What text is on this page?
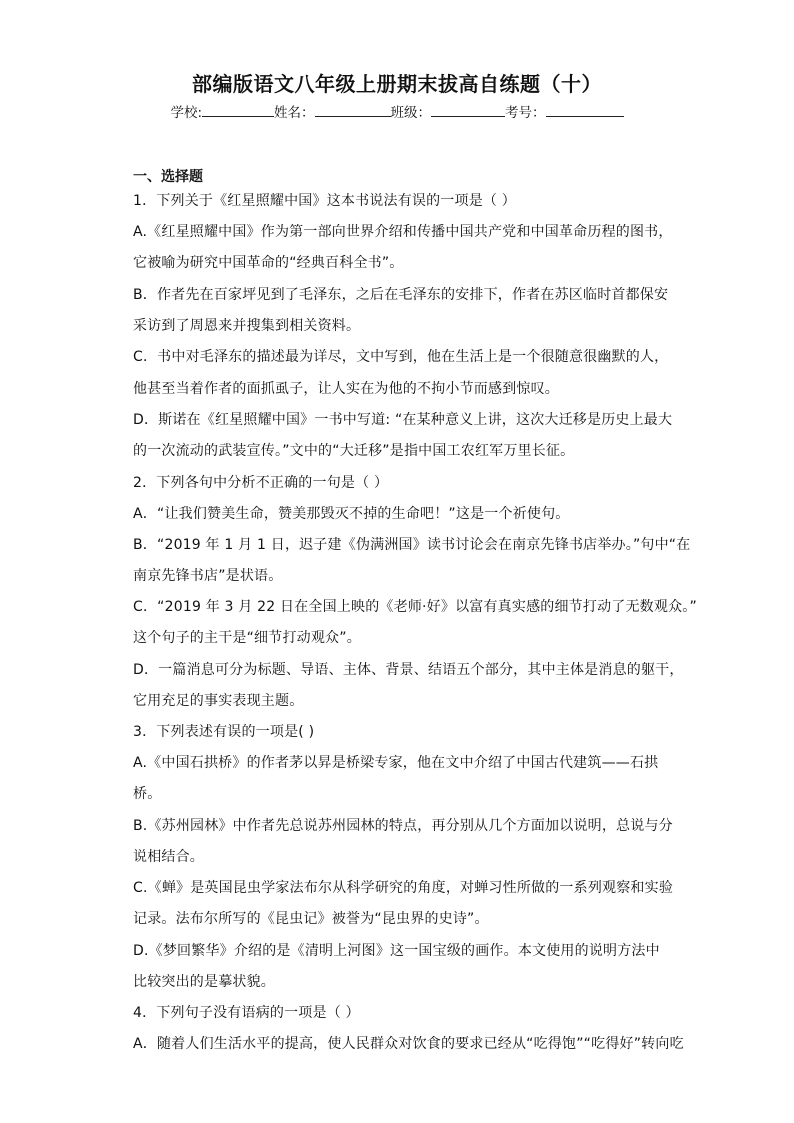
部编版语文八年级上册期末拔高自练题（十）
学校:	姓名：	班级：	考号：
一、选择题
1．下列关于《红星照耀中国》这本书说法有误的一项是（ ）
A.《红星照耀中国》作为第一部向世界介绍和传播中国共产党和中国革命历程的图书，
它被喻为研究中国革命的“经典百科全书”。
B．作者先在百家坪见到了毛泽东，之后在毛泽东的安排下，作者在苏区临时首都保安
采访到了周恩来并搜集到相关资料。
C．书中对毛泽东的描述最为详尽，文中写到，他在生活上是一个很随意很幽默的人，
他甚至当着作者的面抓虱子，让人实在为他的不拘小节而感到惊叹。
D．斯诺在《红星照耀中国》一书中写道: “在某种意义上讲，这次大迁移是历史上最大
的一次流动的武装宣传。”文中的“大迁移”是指中国工农红军万里长征。
2．下列各句中分析不正确的一句是（ ）
A．“让我们赞美生命，赞美那毁灭不掉的生命吧！”这是一个祈使句。
B．“2019 年 1 月 1 日，迟子建《伪满洲国》读书讨论会在南京先锋书店举办。”句中“在
南京先锋书店”是状语。
C．“2019 年 3 月 22 日在全国上映的《老师·好》以富有真实感的细节打动了无数观众。”
这个句子的主干是“细节打动观众”。
D．一篇消息可分为标题、导语、主体、背景、结语五个部分，其中主体是消息的躯干，
它用充足的事实表现主题。
3．下列表述有误的一项是( )
A.《中国石拱桥》的作者茅以昇是桥梁专家，他在文中介绍了中国古代建筑——石拱
桥。
B.《苏州园林》中作者先总说苏州园林的特点，再分别从几个方面加以说明，总说与分
说相结合。
C.《蝉》是英国昆虫学家法布尔从科学研究的角度，对蝉习性所做的一系列观察和实验
记录。法布尔所写的《昆虫记》被誉为“昆虫界的史诗”。
D.《梦回繁华》介绍的是《清明上河图》这一国宝级的画作。本文使用的说明方法中
比较突出的是摹状貌。
4．下列句子没有语病的一项是（ ）
A．随着人们生活水平的提高，使人民群众对饮食的要求已经从“吃得饱”“吃得好”转向吃
